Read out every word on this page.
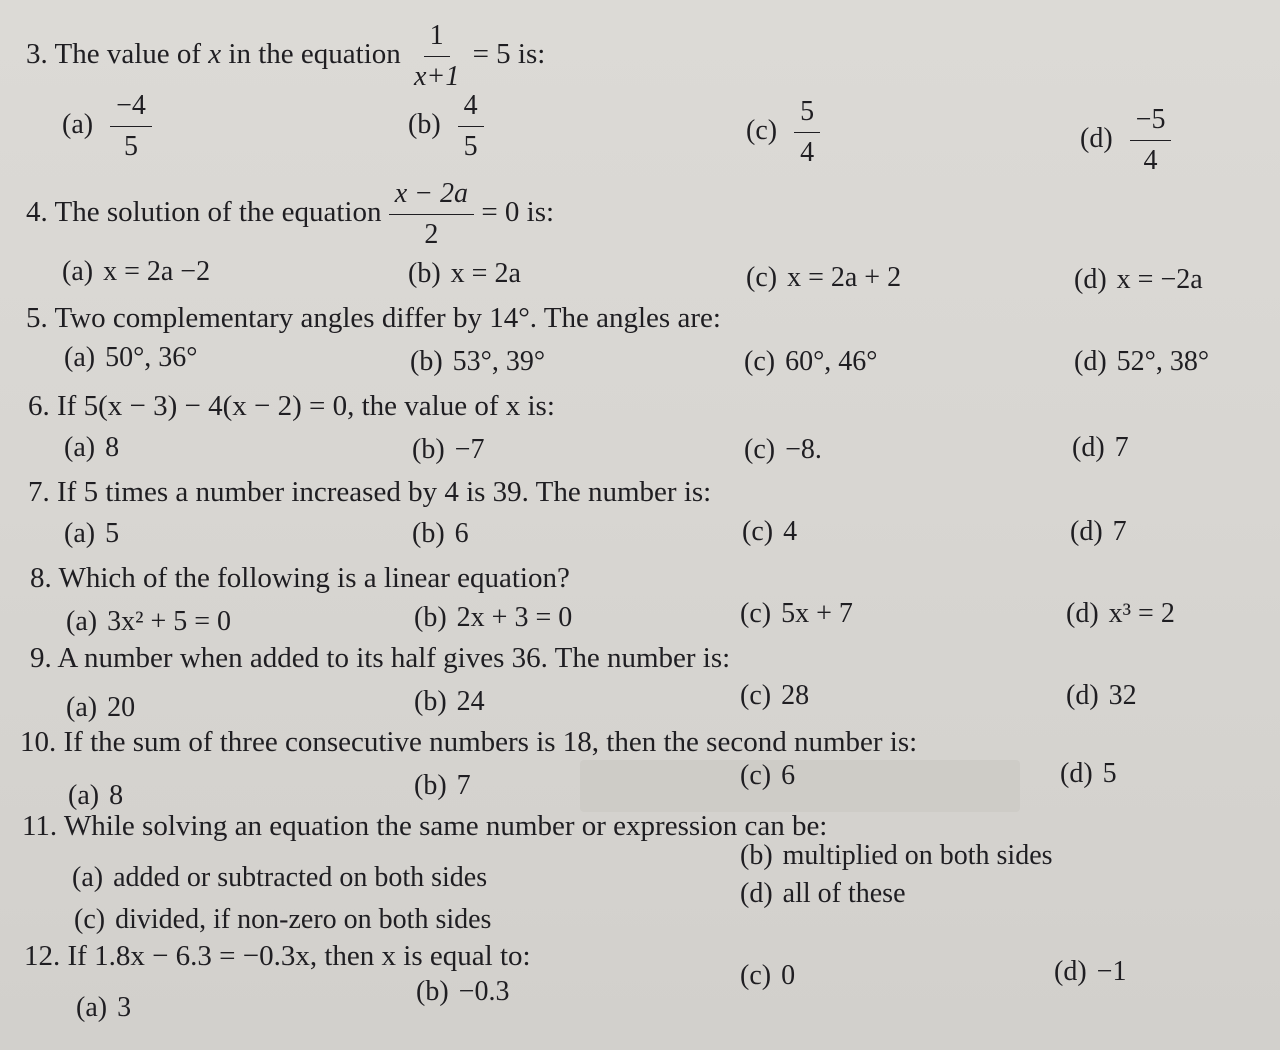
3. The value of x in the equation $\frac{1}{x+1} = 5$ is:
$(a) \frac{-4}{5}$	$(b) \frac{4}{5}$	$(c) \frac{5}{4}$	$(d) \frac{-5}{4}$
4. The solution of the equation $\frac{x - 2a}{2} = 0$ is:
(a) x = 2a −2	(b) x = 2a	(c) x = 2a + 2	(d) x = −2a
5. Two complementary angles differ by 14°. The angles are:
(a) 50°, 36°	(b) 53°, 39°	(c) 60°, 46°	(d) 52°, 38°
6. If 5(x − 3) − 4(x − 2) = 0, the value of x is:
(a) 8	(b) −7	(c) −8.	(d) 7
7. If 5 times a number increased by 4 is 39. The number is:
(a) 5	(b) 6	(c) 4	(d) 7
8. Which of the following is a linear equation?
(a) 3x² + 5 = 0	(b) 2x + 3 = 0	(c) 5x + 7	(d) x³ = 2
9. A number when added to its half gives 36. The number is:
(a) 20	(b) 24	(c) 28	(d) 32
10. If the sum of three consecutive numbers is 18, then the second number is:
(a) 8	(b) 7	(c) 6	(d) 5
11. While solving an equation the same number or expression can be:
(a) added or subtracted on both sides
(b) multiplied on both sides
(c) divided, if non-zero on both sides
(d) all of these
12. If 1.8x − 6.3 = −0.3x, then x is equal to:
(a) 3
(b) −0.3
(c) 0	(d) −1
